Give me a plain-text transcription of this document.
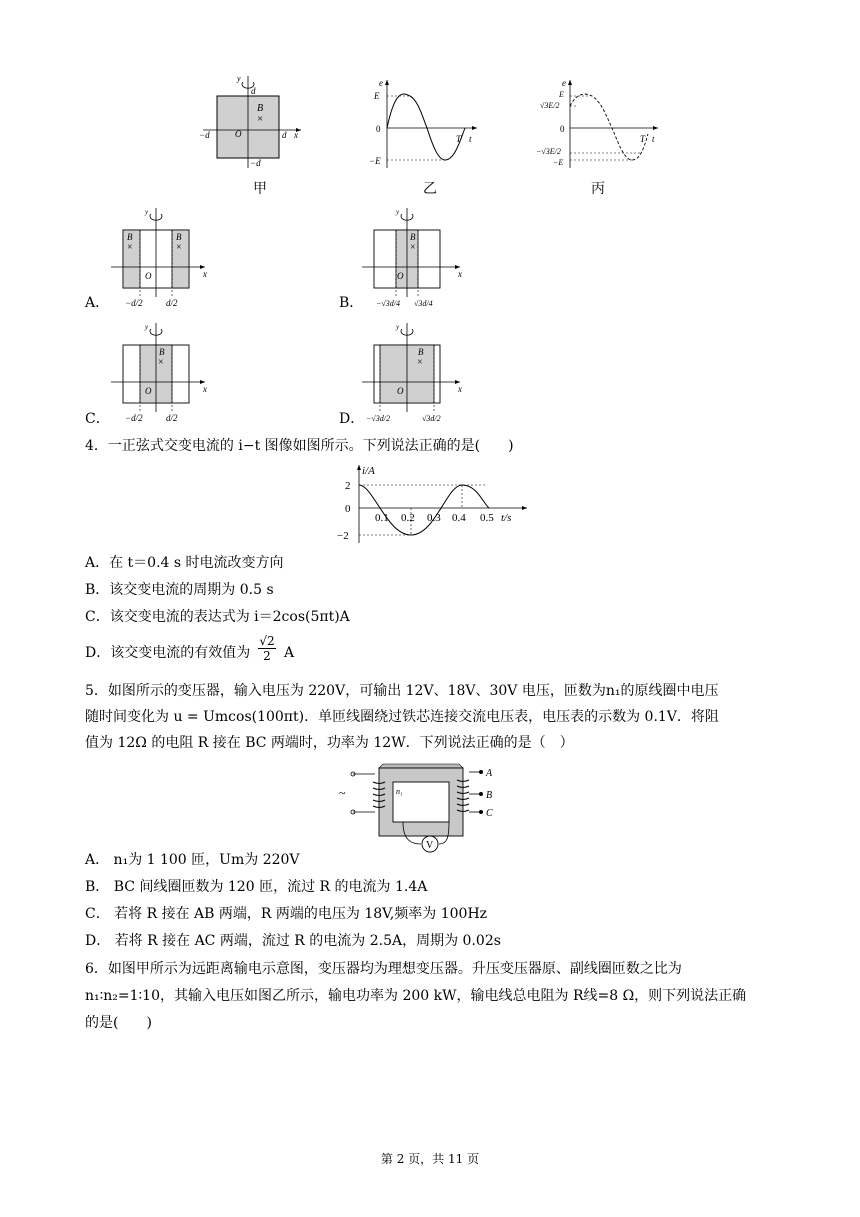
y
d
B
×
O
−d	d x
−d
甲
e
E
0
−E
T t
乙
e
E
√3E/2
0
−√3E/2
−E
T t
丙
A．
y
B
×
B
×
O	x
−d/2	d/2	B．
y
B
×
O	x
−√3d/4 √3d/4
C．
y
B
×
O	x
−d/2	d/2	D．
y
B
×
O	x
−√3d/2	√3d/2
4．一正弦式交变电流的 i−t 图像如图所示。下列说法正确的是(　　)
i/A
2
0
−2
0.1 0.2 0.3 0.4 0.5 t/s
A．在 t＝0.4 s 时电流改变方向
B．该交变电流的周期为 0.5 s
C．该交变电流的表达式为 i＝2cos(5πt)A
D．该交变电流的有效值为 $\frac{√2}{2}$ A
5．如图所示的变压器，输入电压为 220V，可输出 12V、18V、30V 电压，匝数为n₁的原线圈中电压
随时间变化为 u = Umcos(100πt)．单匝线圈绕过铁芯连接交流电压表，电压表的示数为 0.1V．将阻
值为 12Ω 的电阻 R 接在 BC 两端时，功率为 12W．下列说法正确的是（　）
V
~	n₁
A
B
C
A． n₁为 1 100 匝，Um为 220V
B． BC 间线圈匝数为 120 匝，流过 R 的电流为 1.4A
C． 若将 R 接在 AB 两端，R 两端的电压为 18V,频率为 100Hz
D． 若将 R 接在 AC 两端，流过 R 的电流为 2.5A，周期为 0.02s
6．如图甲所示为远距离输电示意图，变压器均为理想变压器。升压变压器原、副线圈匝数之比为
n₁∶n₂=1∶10，其输入电压如图乙所示，输电功率为 200 kW，输电线总电阻为 R线=8 Ω，则下列说法正确
的是(　　)
第 2 页，共 11 页
